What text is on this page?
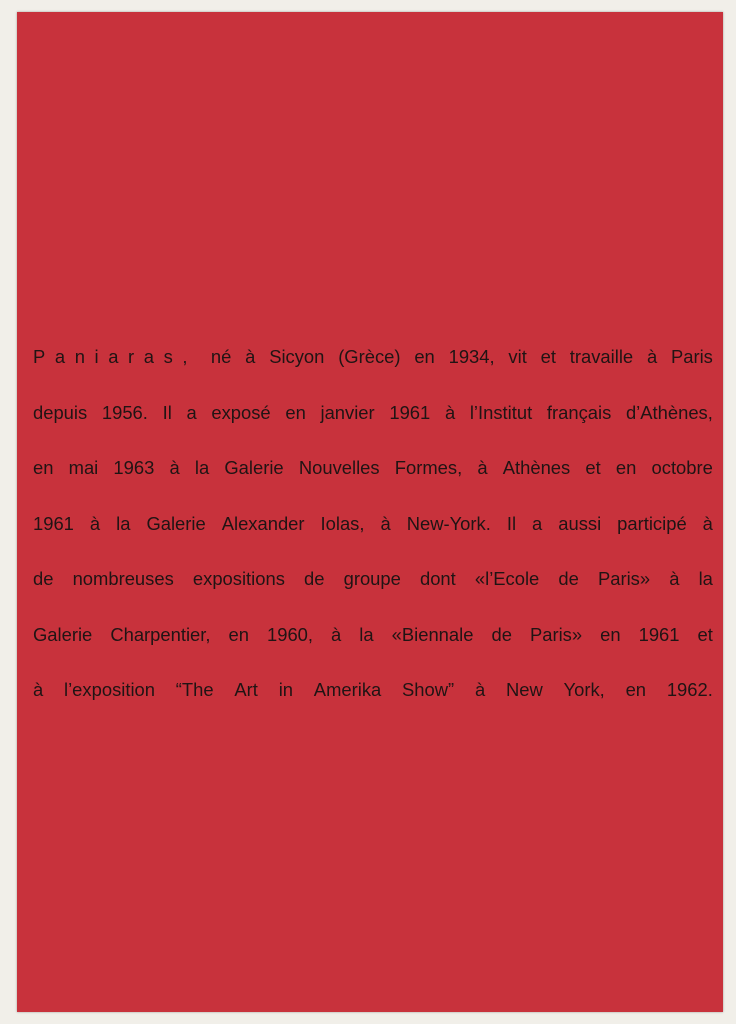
Paniaras, né à Sicyon (Grèce) en 1934, vit et travaille à Paris
depuis 1956. Il a exposé en janvier 1961 à l’Institut français d’Athènes,
en mai 1963 à la Galerie Nouvelles Formes, à Athènes et en octobre
1961 à la Galerie Alexander Iolas, à New-York. Il a aussi participé à
de nombreuses expositions de groupe dont «l’Ecole de Paris» à la
Galerie Charpentier, en 1960, à la «Biennale de Paris» en 1961 et
à l’exposition “The Art in Amerika Show” à New York, en 1962.
